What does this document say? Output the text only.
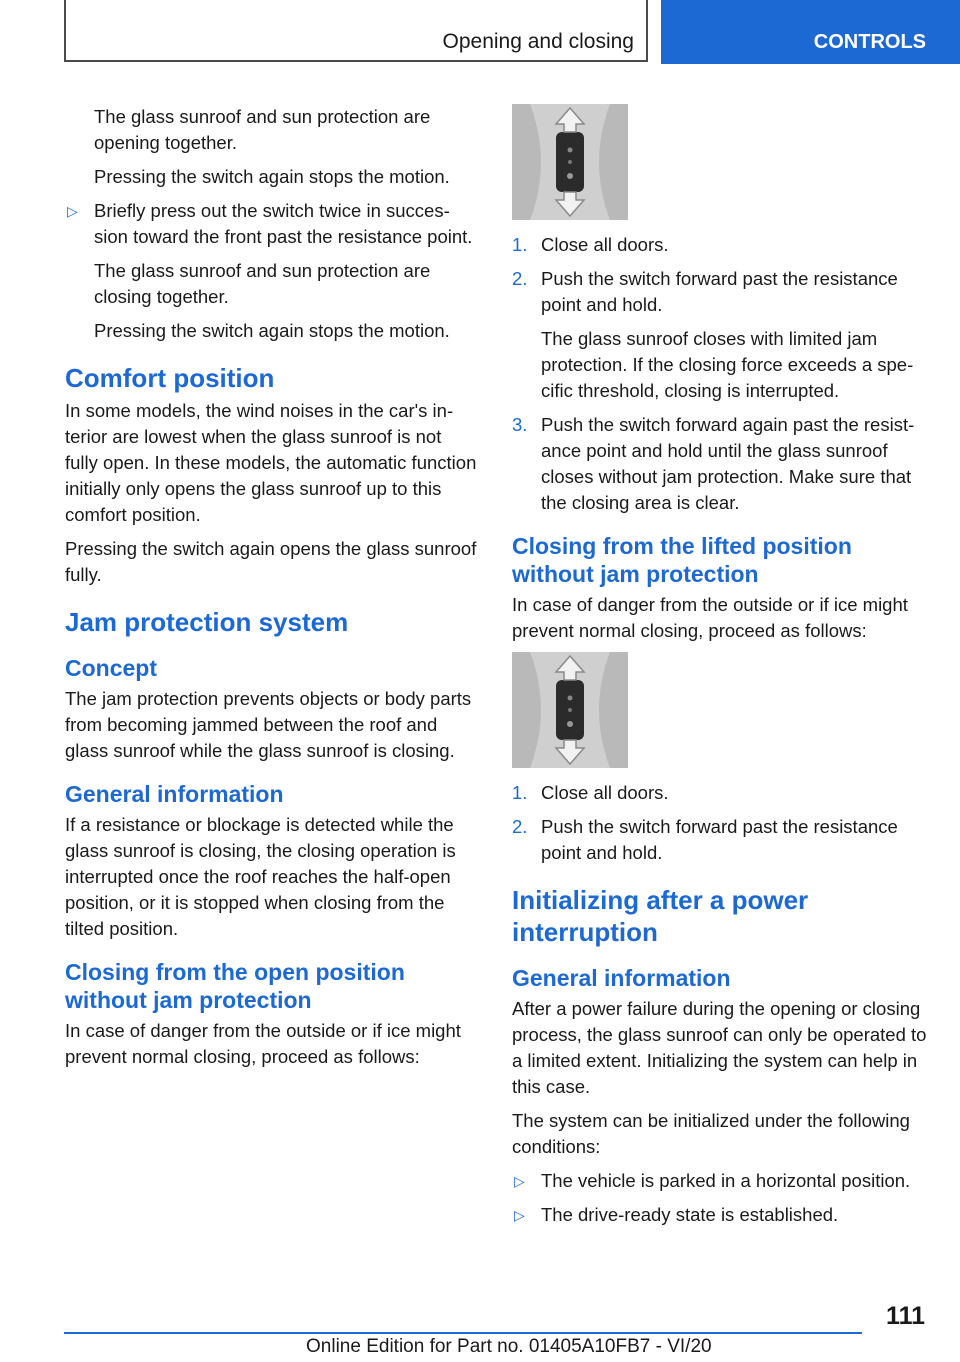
Opening and closing	CONTROLS

The glass sunroof and sun protection are opening together.

Pressing the switch again stops the motion.

▷ Briefly press out the switch twice in succession toward the front past the resistance point.

The glass sunroof and sun protection are closing together.

Pressing the switch again stops the motion.

Comfort position

In some models, the wind noises in the car's interior are lowest when the glass sunroof is not fully open. In these models, the automatic function initially only opens the glass sunroof up to this comfort position.

Pressing the switch again opens the glass sunroof fully.

Jam protection system
Concept

The jam protection prevents objects or body parts from becoming jammed between the roof and glass sunroof while the glass sunroof is closing.

General information

If a resistance or blockage is detected while the glass sunroof is closing, the closing operation is interrupted once the roof reaches the half-open position, or it is stopped when closing from the tilted position.

Closing from the open position without jam protection

In case of danger from the outside or if ice might prevent normal closing, proceed as follows:

1. Close all doors.

2. Push the switch forward past the resistance point and hold.

The glass sunroof closes with limited jam protection. If the closing force exceeds a specific threshold, closing is interrupted.

3. Push the switch forward again past the resistance point and hold until the glass sunroof closes without jam protection. Make sure that the closing area is clear.

Closing from the lifted position without jam protection

In case of danger from the outside or if ice might prevent normal closing, proceed as follows:

1. Close all doors.

2. Push the switch forward past the resistance point and hold.

Initializing after a power interruption
General information

After a power failure during the opening or closing process, the glass sunroof can only be operated to a limited extent. Initializing the system can help in this case.

The system can be initialized under the following conditions:

▷ The vehicle is parked in a horizontal position.

▷ The drive-ready state is established.

111
Online Edition for Part no. 01405A10FB7 - VI/20
